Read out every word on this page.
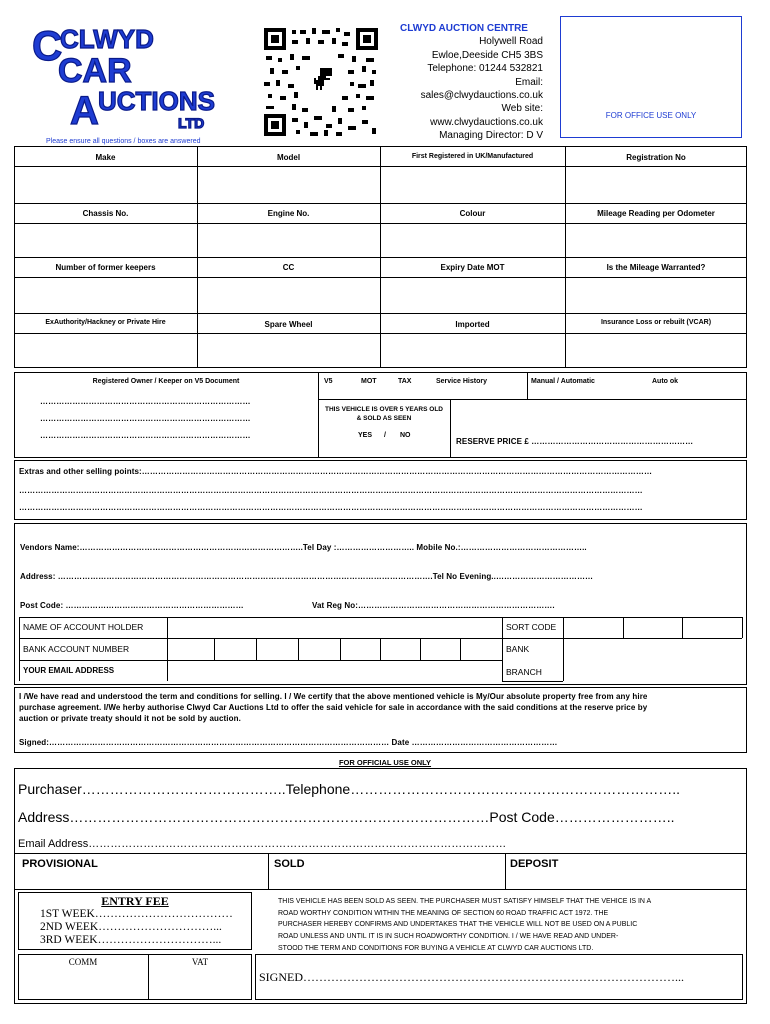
C
CLWYD
CAR
A UCTIONS
LTD
CLWYD AUCTION CENTRE
Holywell Road
Ewloe,Deeside CH5 3BS
Telephone: 01244 532821
Email:
sales@clwydauctions.co.uk
Web site:
www.clwydauctions.co.uk
Managing Director: D V
FOR OFFICE USE ONLY
Please ensure all questions / boxes are answered
Make	Model	First Registered in UK/Manufactured	Registration No
Chassis No.	Engine No.	Colour	Mileage Reading per Odometer
Number of former keepers	CC	Expiry Date MOT	Is the Mileage Warranted?
ExAuthority/Hackney or Private Hire	Spare Wheel	Imported	Insurance Loss or rebuilt (VCAR)
Registered Owner / Keeper on V5 Document
……………………………………………………………………
……………………………………………………………………
……………………………………………………………………
V5	MOT	TAX	Service History	Manual / Automatic	Auto ok
THIS VEHICLE IS OVER 5 YEARS OLD & SOLD AS SEEN
YES / NO
RESERVE PRICE £ ……………………………………………………
Extras and other selling points:………………………………………………………………………………………………………………………………………………………………………
……………………………………………………………………………………………………………………………………………………………………………………………………………
……………………………………………………………………………………………………………………………………………………………………………………………………………
Vendors Name:………………………………………………………………………..Tel Day :……………………….. Mobile No.:………………………………………..
Address: ………………………………………………………………………………………………………………………….Tel No Evening..………………………………
Post Code: …………………………………………………………	Vat Reg No:……………………………………………………………….
NAME OF ACCOUNT HOLDER
BANK ACCOUNT NUMBER
YOUR EMAIL ADDRESS
SORT CODE
BANK
BRANCH
I /We have read and understood the term and conditions for selling. I / We certify that the above mentioned vehicle is My/Our absolute property free from any hire
purchase agreement. I/We herby authorise Clwyd Car Auctions Ltd to offer the said vehicle for sale in accordance with the said conditions at the reserve price by
auction or private treaty should it not be sold by auction.
Signed:……………………………………………………………………………………………………………… Date ………………………………………………
FOR OFFICIAL USE ONLY
Purchaser……………………………………..Telephone……………………………………………………………..
Address………………………………………………………………………………Post Code……………………..
Email Address……………………………………………………………………………………………………
PROVISIONAL	SOLD	DEPOSIT
ENTRY FEE
1ST WEEK………………………………
2ND WEEK…………………………...
3RD WEEK…………………………...
THIS VEHICLE HAS BEEN SOLD AS SEEN. THE PURCHASER MUST SATISFY HIMSELF THAT THE VEHICE IS IN A
ROAD WORTHY CONDITION WITHIN THE MEANING OF SECTION 60 ROAD TRAFFIC ACT 1972. THE
PURCHASER HEREBY CONFIRMS AND UNDERTAKES THAT THE VEHICLE WILL NOT BE USED ON A PUBLIC
ROAD UNLESS AND UNTIL IT IS IN SUCH ROADWORTHY CONDITION. I / WE HAVE READ AND UNDER-
STOOD THE TERM AND CONDITIONS FOR BUYING A VEHICLE AT CLWYD CAR AUCTIONS LTD.
COMM	VAT
SIGNED…………………………………………………………………………………...
